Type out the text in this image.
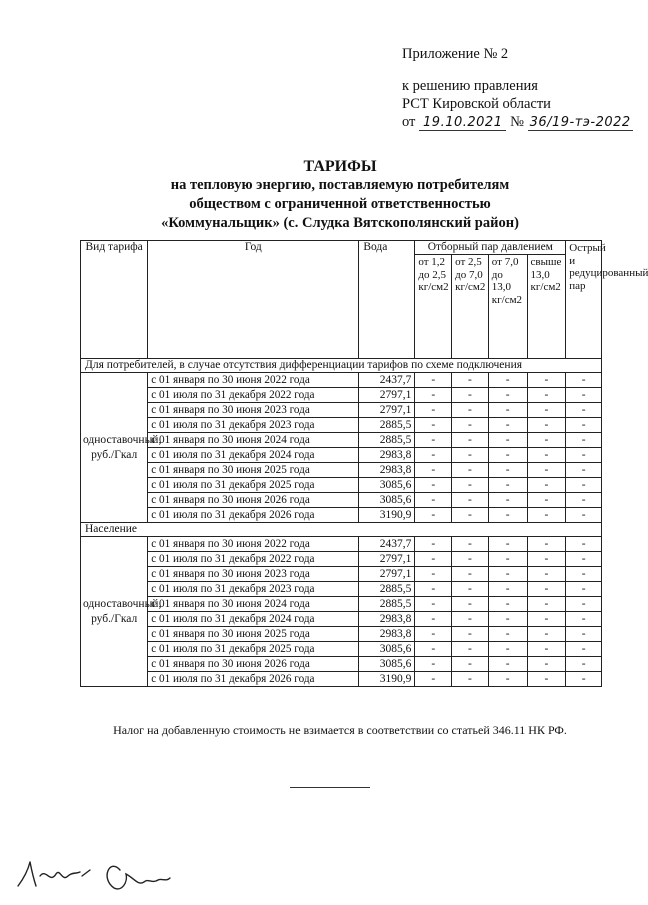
Приложение № 2
к решению правления
РСТ Кировской области
от 19.10.2021 № 36/19-тэ-2022
ТАРИФЫ
на тепловую энергию, поставляемую потребителям
обществом с ограниченной ответственностью
«Коммунальщик» (с. Слудка Вятскополянский район)
Вид тарифа	Год	Вода	Отборный пар давлением				Острый и редуцированный пар
			от 1,2 до 2,5 кг/см2	от 2,5 до 7,0 кг/см2	от 7,0 до 13,0 кг/см2	свыше 13,0 кг/см2	
Для потребителей, в случае отсутствия дифференциации тарифов по схеме подключения							
одноставочный, руб./Гкал	с 01 января по 30 июня 2022 года	2437,7	-	-	-	-	-
	с 01 июля по 31 декабря 2022 года	2797,1	-	-	-	-	-
	с 01 января по 30 июня 2023 года	2797,1	-	-	-	-	-
	с 01 июля по 31 декабря 2023 года	2885,5	-	-	-	-	-
	с 01 января по 30 июня 2024 года	2885,5	-	-	-	-	-
	с 01 июля по 31 декабря 2024 года	2983,8	-	-	-	-	-
	с 01 января по 30 июня 2025 года	2983,8	-	-	-	-	-
	с 01 июля по 31 декабря 2025 года	3085,6	-	-	-	-	-
	с 01 января по 30 июня 2026 года	3085,6	-	-	-	-	-
	с 01 июля по 31 декабря 2026 года	3190,9	-	-	-	-	-
Население							
одноставочный, руб./Гкал	с 01 января по 30 июня 2022 года	2437,7	-	-	-	-	-
	с 01 июля по 31 декабря 2022 года	2797,1	-	-	-	-	-
	с 01 января по 30 июня 2023 года	2797,1	-	-	-	-	-
	с 01 июля по 31 декабря 2023 года	2885,5	-	-	-	-	-
	с 01 января по 30 июня 2024 года	2885,5	-	-	-	-	-
	с 01 июля по 31 декабря 2024 года	2983,8	-	-	-	-	-
	с 01 января по 30 июня 2025 года	2983,8	-	-	-	-	-
	с 01 июля по 31 декабря 2025 года	3085,6	-	-	-	-	-
	с 01 января по 30 июня 2026 года	3085,6	-	-	-	-	-
	с 01 июля по 31 декабря 2026 года	3190,9	-	-	-	-	-
Налог на добавленную стоимость не взимается в соответствии со статьей 346.11 НК РФ.
